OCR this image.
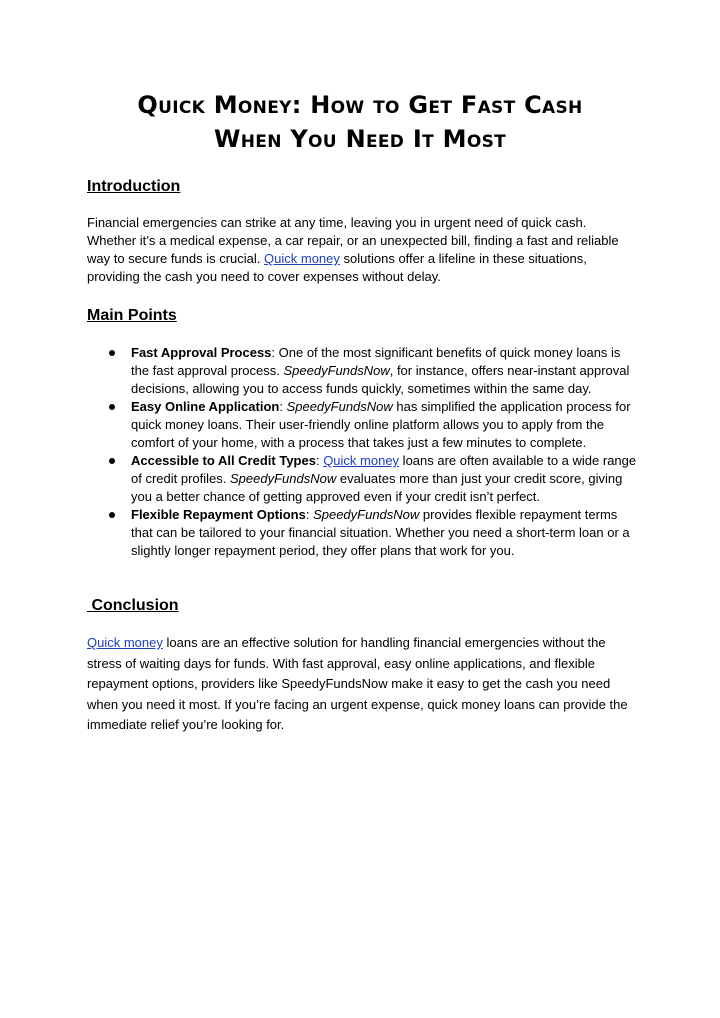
Quick Money: How to Get Fast Cash
When You Need It Most
Introduction

Financial emergencies can strike at any time, leaving you in urgent need of quick cash. Whether it’s a medical expense, a car repair, or an unexpected bill, finding a fast and reliable way to secure funds is crucial. Quick money solutions offer a lifeline in these situations, providing the cash you need to cover expenses without delay.

Main Points
Fast Approval Process: One of the most significant benefits of quick money loans is the fast approval process. SpeedyFundsNow, for instance, offers near-instant approval decisions, allowing you to access funds quickly, sometimes within the same day.
Easy Online Application: SpeedyFundsNow has simplified the application process for quick money loans. Their user-friendly online platform allows you to apply from the comfort of your home, with a process that takes just a few minutes to complete.
Accessible to All Credit Types: Quick money loans are often available to a wide range of credit profiles. SpeedyFundsNow evaluates more than just your credit score, giving you a better chance of getting approved even if your credit isn’t perfect.
Flexible Repayment Options: SpeedyFundsNow provides flexible repayment terms that can be tailored to your financial situation. Whether you need a short-term loan or a slightly longer repayment period, they offer plans that work for you.
Conclusion

Quick money loans are an effective solution for handling financial emergencies without the stress of waiting days for funds. With fast approval, easy online applications, and flexible repayment options, providers like SpeedyFundsNow make it easy to get the cash you need when you need it most. If you’re facing an urgent expense, quick money loans can provide the immediate relief you’re looking for.
